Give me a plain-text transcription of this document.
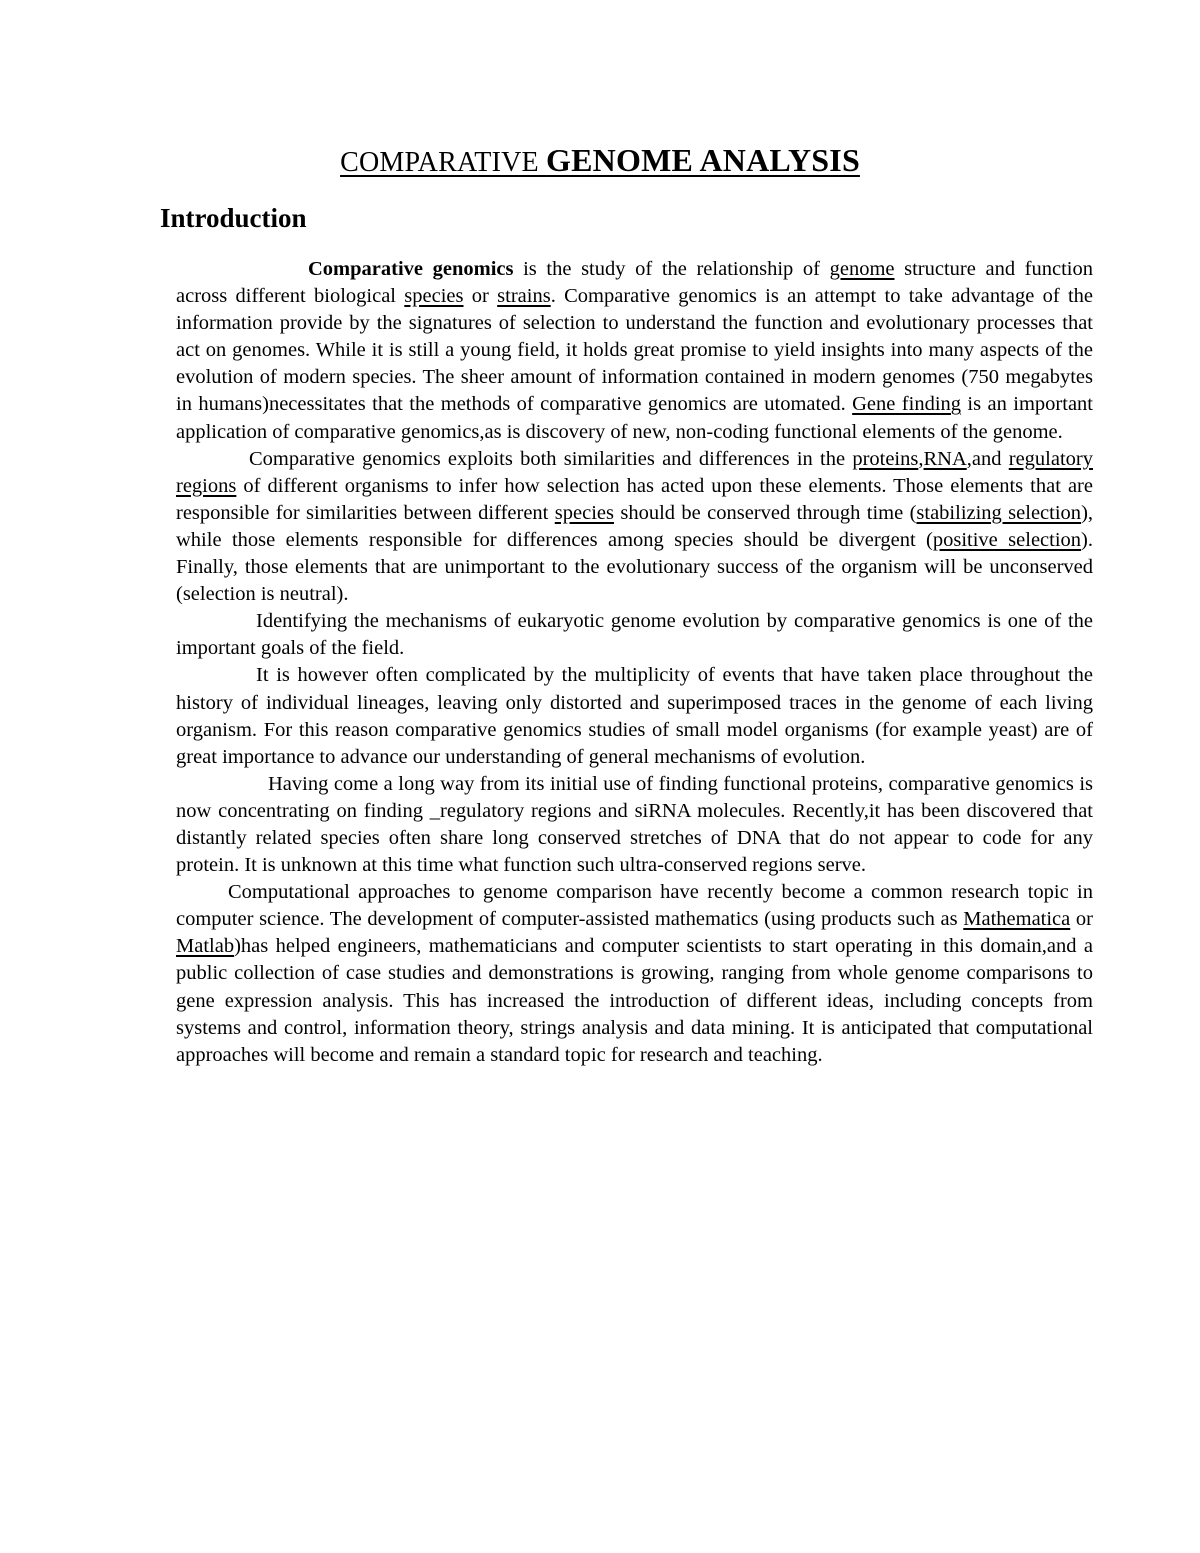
COMPARATIVE GENOME ANALYSIS
Introduction

Comparative genomics is the study of the relationship of genome structure and function across different biological species or strains. Comparative genomics is an attempt to take advantage of the information provide by the signatures of selection to understand the function and evolutionary processes that act on genomes. While it is still a young field, it holds great promise to yield insights into many aspects of the evolution of modern species. The sheer amount of information contained in modern genomes (750 megabytes in humans)necessitates that the methods of comparative genomics are utomated. Gene finding is an important application of comparative genomics,as is discovery of new, non-coding functional elements of the genome.

Comparative genomics exploits both similarities and differences in the proteins,RNA,and regulatory regions of different organisms to infer how selection has acted upon these elements. Those elements that are responsible for similarities between different species should be conserved through time (stabilizing selection), while those elements responsible for differences among species should be divergent (positive selection). Finally, those elements that are unimportant to the evolutionary success of the organism will be unconserved (selection is neutral).

Identifying the mechanisms of eukaryotic genome evolution by comparative genomics is one of the important goals of the field.

It is however often complicated by the multiplicity of events that have taken place throughout the history of individual lineages, leaving only distorted and superimposed traces in the genome of each living organism. For this reason comparative genomics studies of small model organisms (for example yeast) are of great importance to advance our understanding of general mechanisms of evolution.

Having come a long way from its initial use of finding functional proteins, comparative genomics is now concentrating on finding _regulatory regions and siRNA molecules. Recently,it has been discovered that distantly related species often share long conserved stretches of DNA that do not appear to code for any protein. It is unknown at this time what function such ultra-conserved regions serve.

Computational approaches to genome comparison have recently become a common research topic in computer science. The development of computer-assisted mathematics (using products such as Mathematica or Matlab)has helped engineers, mathematicians and computer scientists to start operating in this domain,and a public collection of case studies and demonstrations is growing, ranging from whole genome comparisons to gene expression analysis. This has increased the introduction of different ideas, including concepts from systems and control, information theory, strings analysis and data mining. It is anticipated that computational approaches will become and remain a standard topic for research and teaching.
